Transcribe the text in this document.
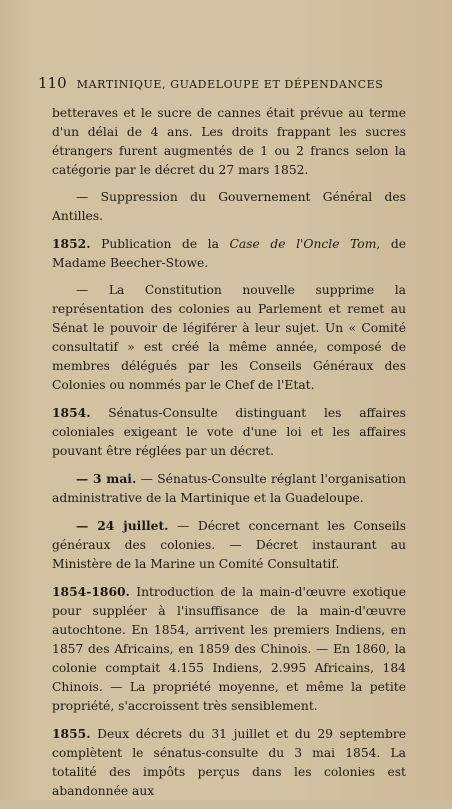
110 MARTINIQUE, GUADELOUPE ET DÉPENDANCES

betteraves et le sucre de cannes était prévue au terme d'un délai de 4 ans. Les droits frappant les sucres étrangers furent augmentés de 1 ou 2 francs selon la catégorie par le décret du 27 mars 1852.

— Suppression du Gouvernement Général des Antilles.

1852. Publication de la Case de l'Oncle Tom, de Madame Beecher-Stowe.

— La Constitution nouvelle supprime la représentation des colonies au Parlement et remet au Sénat le pouvoir de légiférer à leur sujet. Un « Comité consultatif » est créé la même année, composé de membres délégués par les Conseils Généraux des Colonies ou nommés par le Chef de l'Etat.

1854. Sénatus-Consulte distinguant les affaires coloniales exigeant le vote d'une loi et les affaires pouvant être réglées par un décret.

— 3 mai. — Sénatus-Consulte réglant l'organisation administrative de la Martinique et la Guadeloupe.

— 24 juillet. — Décret concernant les Conseils généraux des colonies. — Décret instaurant au Ministère de la Marine un Comité Consultatif.

1854-1860. Introduction de la main-d'œuvre exotique pour suppléer à l'insuffisance de la main-d'œuvre autochtone. En 1854, arrivent les premiers Indiens, en 1857 des Africains, en 1859 des Chinois. — En 1860, la colonie comptait 4.155 Indiens, 2.995 Africains, 184 Chinois. — La propriété moyenne, et même la petite propriété, s'accroissent très sensiblement.

1855. Deux décrets du 31 juillet et du 29 septembre complètent le sénatus-consulte du 3 mai 1854. La totalité des impôts perçus dans les colonies est abandonnée aux
